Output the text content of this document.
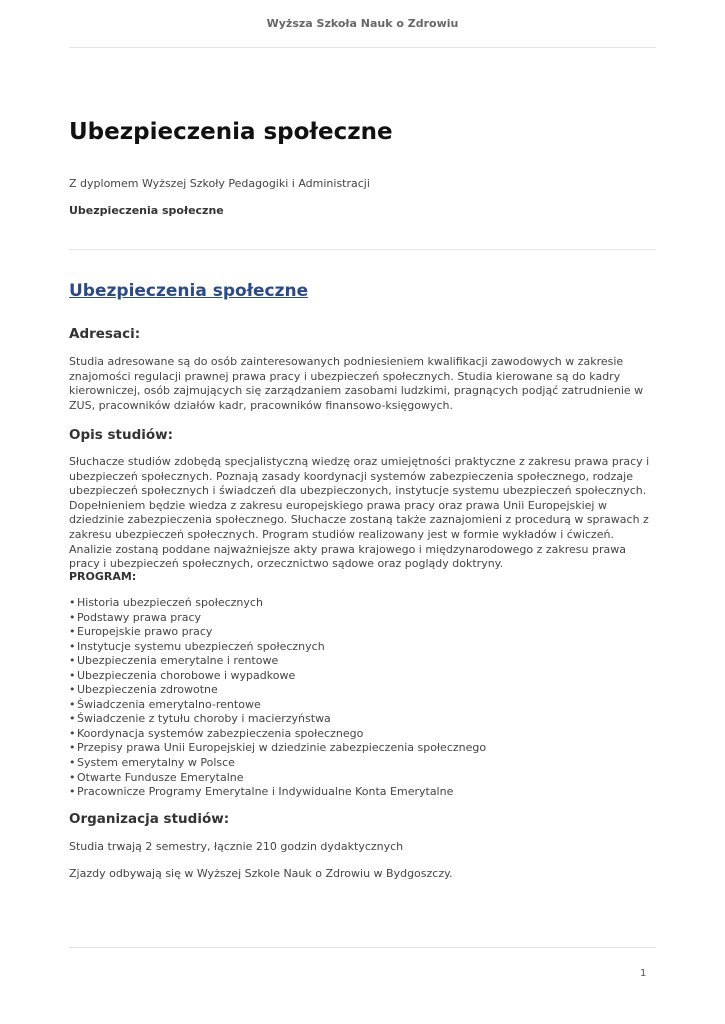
Wyższa Szkoła Nauk o Zdrowiu
Ubezpieczenia społeczne
Z dyplomem Wyższej Szkoły Pedagogiki i Administracji
Ubezpieczenia społeczne
Ubezpieczenia społeczne
Adresaci:

Studia adresowane są do osób zainteresowanych podniesieniem kwalifikacji zawodowych w zakresie znajomości regulacji prawnej prawa pracy i ubezpieczeń społecznych. Studia kierowane są do kadry kierowniczej, osób zajmujących się zarządzaniem zasobami ludzkimi, pragnących podjąć zatrudnienie w ZUS, pracowników działów kadr, pracowników finansowo-księgowych.

Opis studiów:

Słuchacze studiów zdobędą specjalistyczną wiedzę oraz umiejętności praktyczne z zakresu prawa pracy i ubezpieczeń społecznych. Poznają zasady koordynacji systemów zabezpieczenia społecznego, rodzaje ubezpieczeń społecznych i świadczeń dla ubezpieczonych, instytucje systemu ubezpieczeń społecznych. Dopełnieniem będzie wiedza z zakresu europejskiego prawa pracy oraz prawa Unii Europejskiej w dziedzinie zabezpieczenia społecznego. Słuchacze zostaną także zaznajomieni z procedurą w sprawach z zakresu ubezpieczeń społecznych. Program studiów realizowany jest w formie wykładów i ćwiczeń. Analizie zostaną poddane najważniejsze akty prawa krajowego i międzynarodowego z zakresu prawa pracy i ubezpieczeń społecznych, orzecznictwo sądowe oraz poglądy doktryny.

PROGRAM:
• Historia ubezpieczeń społecznych
• Podstawy prawa pracy
• Europejskie prawo pracy
• Instytucje systemu ubezpieczeń społecznych
• Ubezpieczenia emerytalne i rentowe
• Ubezpieczenia chorobowe i wypadkowe
• Ubezpieczenia zdrowotne
• Świadczenia emerytalno-rentowe
• Świadczenie z tytułu choroby i macierzyństwa
• Koordynacja systemów zabezpieczenia społecznego
• Przepisy prawa Unii Europejskiej w dziedzinie zabezpieczenia społecznego
• System emerytalny w Polsce
• Otwarte Fundusze Emerytalne
• Pracownicze Programy Emerytalne i Indywidualne Konta Emerytalne
Organizacja studiów:

Studia trwają 2 semestry, łącznie 210 godzin dydaktycznych

Zjazdy odbywają się w Wyższej Szkole Nauk o Zdrowiu w Bydgoszczy.

1
